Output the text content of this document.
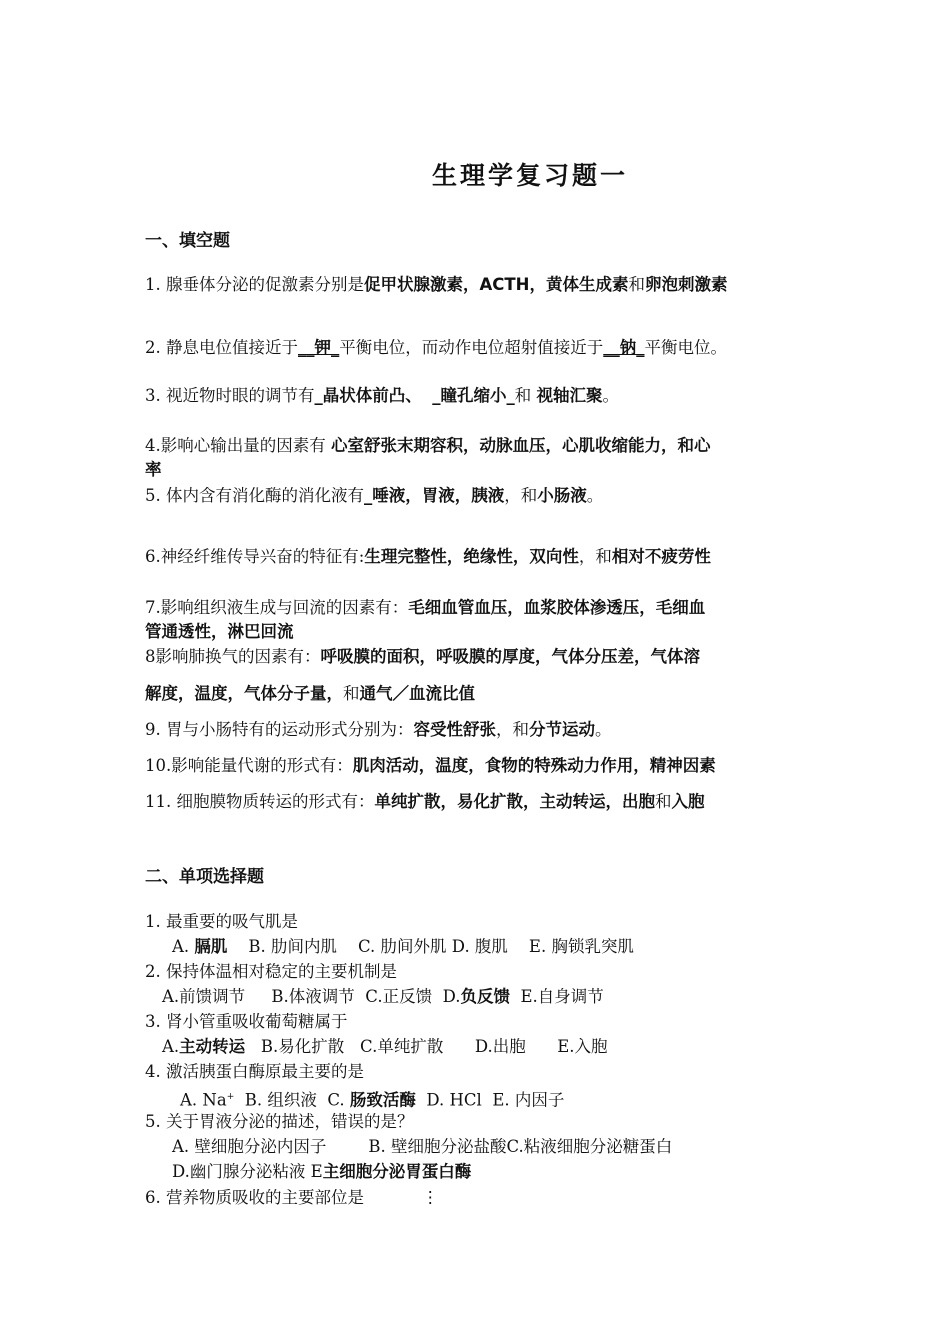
生理学复习题一
一、填空题
1. 腺垂体分泌的促激素分别是促甲状腺激素，ACTH，黄体生成素和卵泡刺激素
2. 静息电位值接近于__钾_平衡电位，而动作电位超射值接近于__钠_平衡电位。
3. 视近物时眼的调节有_晶状体前凸、 _瞳孔缩小_和 视轴汇聚。
4.影响心输出量的因素有 心室舒张末期容积，动脉血压，心肌收缩能力，和心
率
5. 体内含有消化酶的消化液有_唾液，胃液，胰液，和小肠液。
6.神经纤维传导兴奋的特征有:生理完整性，绝缘性，双向性，和相对不疲劳性
7.影响组织液生成与回流的因素有：毛细血管血压，血浆胶体渗透压，毛细血
管通透性，淋巴回流
8影响肺换气的因素有：呼吸膜的面积，呼吸膜的厚度，气体分压差，气体溶
解度，温度，气体分子量，和通气／血流比值
9. 胃与小肠特有的运动形式分别为：容受性舒张，和分节运动。
10.影响能量代谢的形式有：肌肉活动，温度，食物的特殊动力作用，精神因素
11. 细胞膜物质转运的形式有：单纯扩散，易化扩散，主动转运，出胞和入胞
二、单项选择题
1. 最重要的吸气肌是
A. 膈肌 B. 肋间内肌 C. 肋间外肌 D. 腹肌 E. 胸锁乳突肌
2. 保持体温相对稳定的主要机制是
A.前馈调节 B.体液调节 C.正反馈 D.负反馈 E.自身调节
3. 肾小管重吸收葡萄糖属于
A.主动转运 B.易化扩散 C.单纯扩散 D.出胞 E.入胞
4. 激活胰蛋白酶原最主要的是
A. Na+ B. 组织液 C. 肠致活酶 D. HCl E. 内因子
5. 关于胃液分泌的描述，错误的是？
A. 壁细胞分泌内因子	B. 壁细胞分泌盐酸C.粘液细胞分泌糖蛋白
D.幽门腺分泌粘液 E主细胞分泌胃蛋白酶
6. 营养物质吸收的主要部位是	⋮
